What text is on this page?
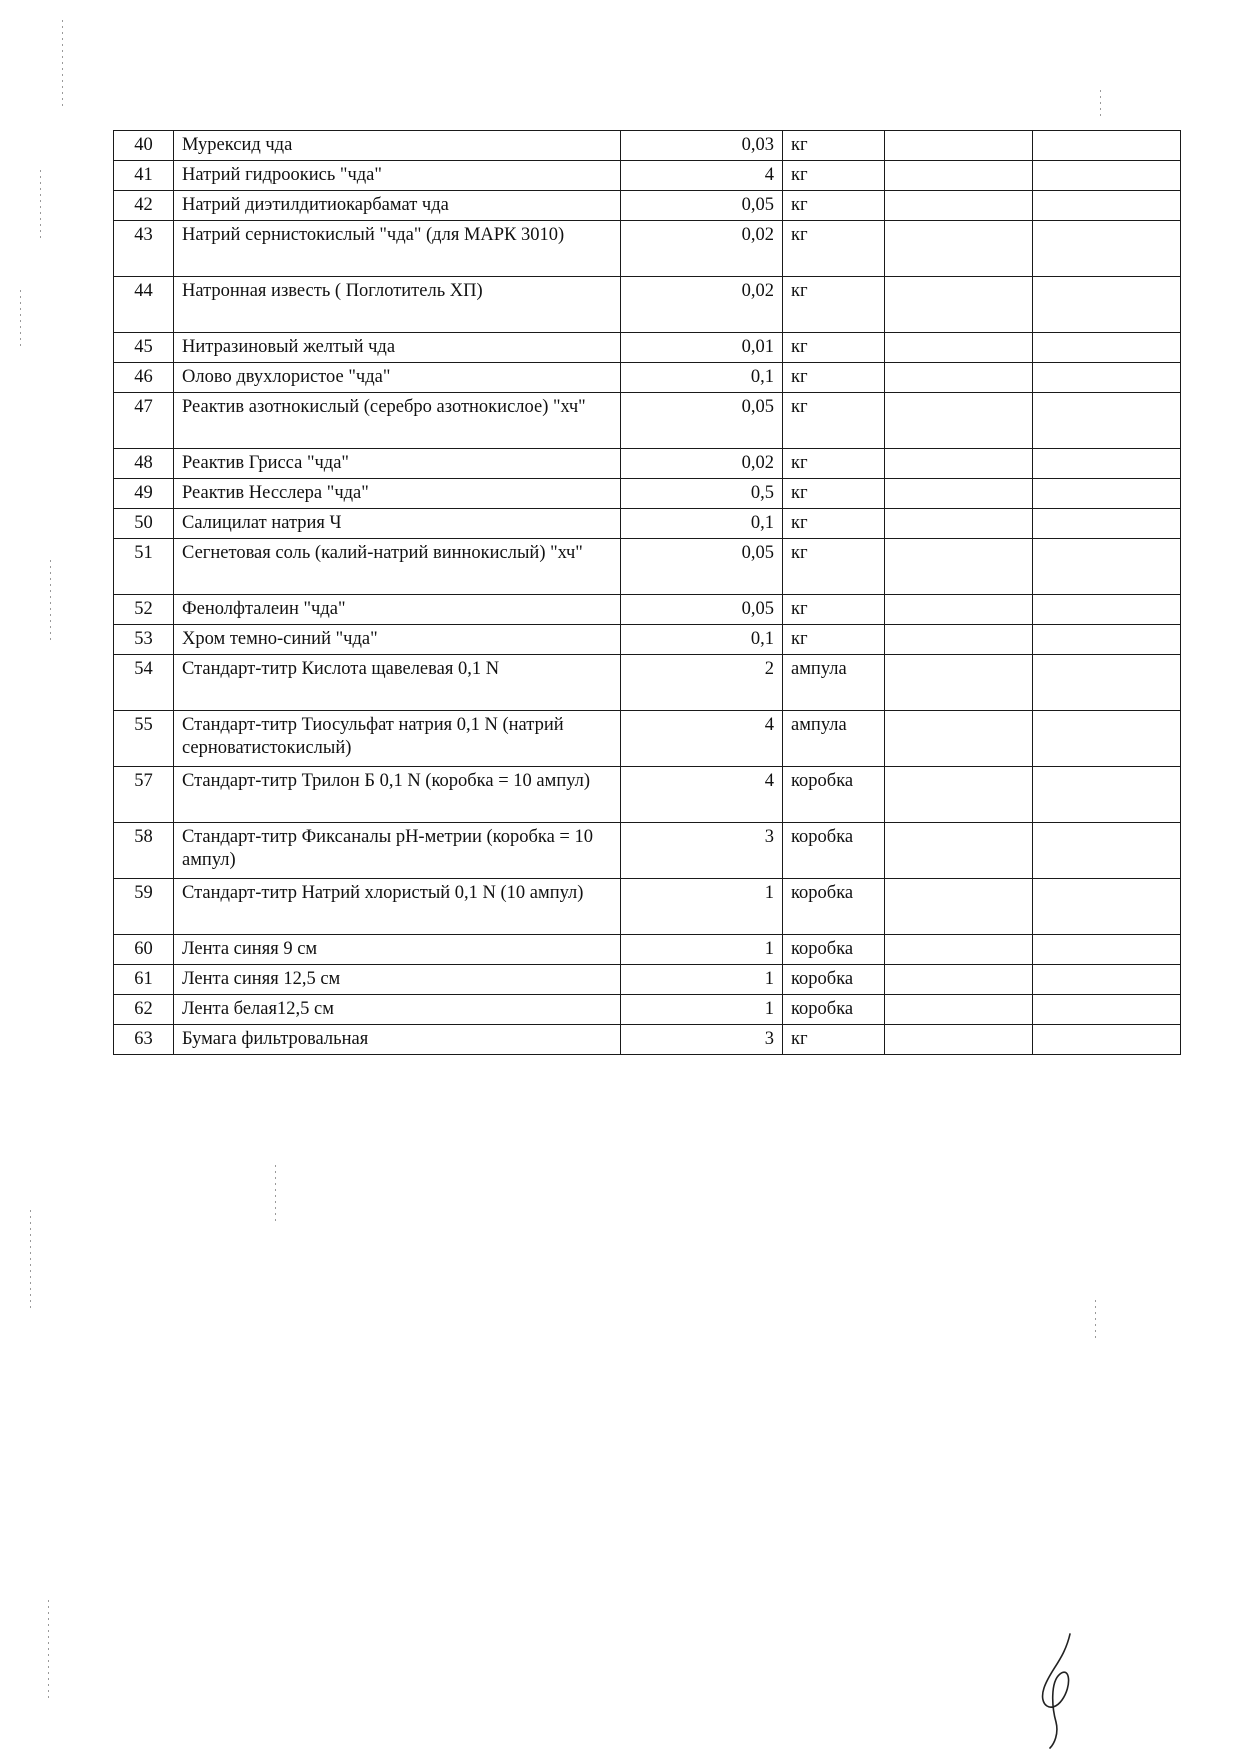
40	Мурексид чда	0,03	кг		
41	Натрий гидроокись "чда"	4	кг		
42	Натрий диэтилдитиокарбамат чда	0,05	кг		
43	Натрий сернистокислый "чда" (для МАРК 3010)	0,02	кг		
44	Натронная известь ( Поглотитель ХП)	0,02	кг		
45	Нитразиновый желтый чда	0,01	кг		
46	Олово двухлористое "чда"	0,1	кг		
47	Реактив азотнокислый (серебро азотнокислое) "хч"	0,05	кг		
48	Реактив Грисса "чда"	0,02	кг		
49	Реактив Несслера "чда"	0,5	кг		
50	Салицилат натрия Ч	0,1	кг		
51	Сегнетовая соль (калий-натрий виннокислый) "хч"	0,05	кг		
52	Фенолфталеин "чда"	0,05	кг		
53	Хром темно-синий "чда"	0,1	кг		
54	Стандарт-титр Кислота щавелевая 0,1 N	2	ампула		
55	Стандарт-титр Тиосульфат натрия 0,1 N (натрий серноватистокислый)	4	ампула		
57	Стандарт-титр Трилон Б 0,1 N (коробка = 10 ампул)	4	коробка		
58	Стандарт-титр Фиксаналы рН-метрии (коробка = 10 ампул)	3	коробка		
59	Стандарт-титр Натрий хлористый 0,1 N (10 ампул)	1	коробка		
60	Лента синяя 9 см	1	коробка		
61	Лента синяя 12,5 см	1	коробка		
62	Лента белая12,5 см	1	коробка		
63	Бумага фильтровальная	3	кг		
